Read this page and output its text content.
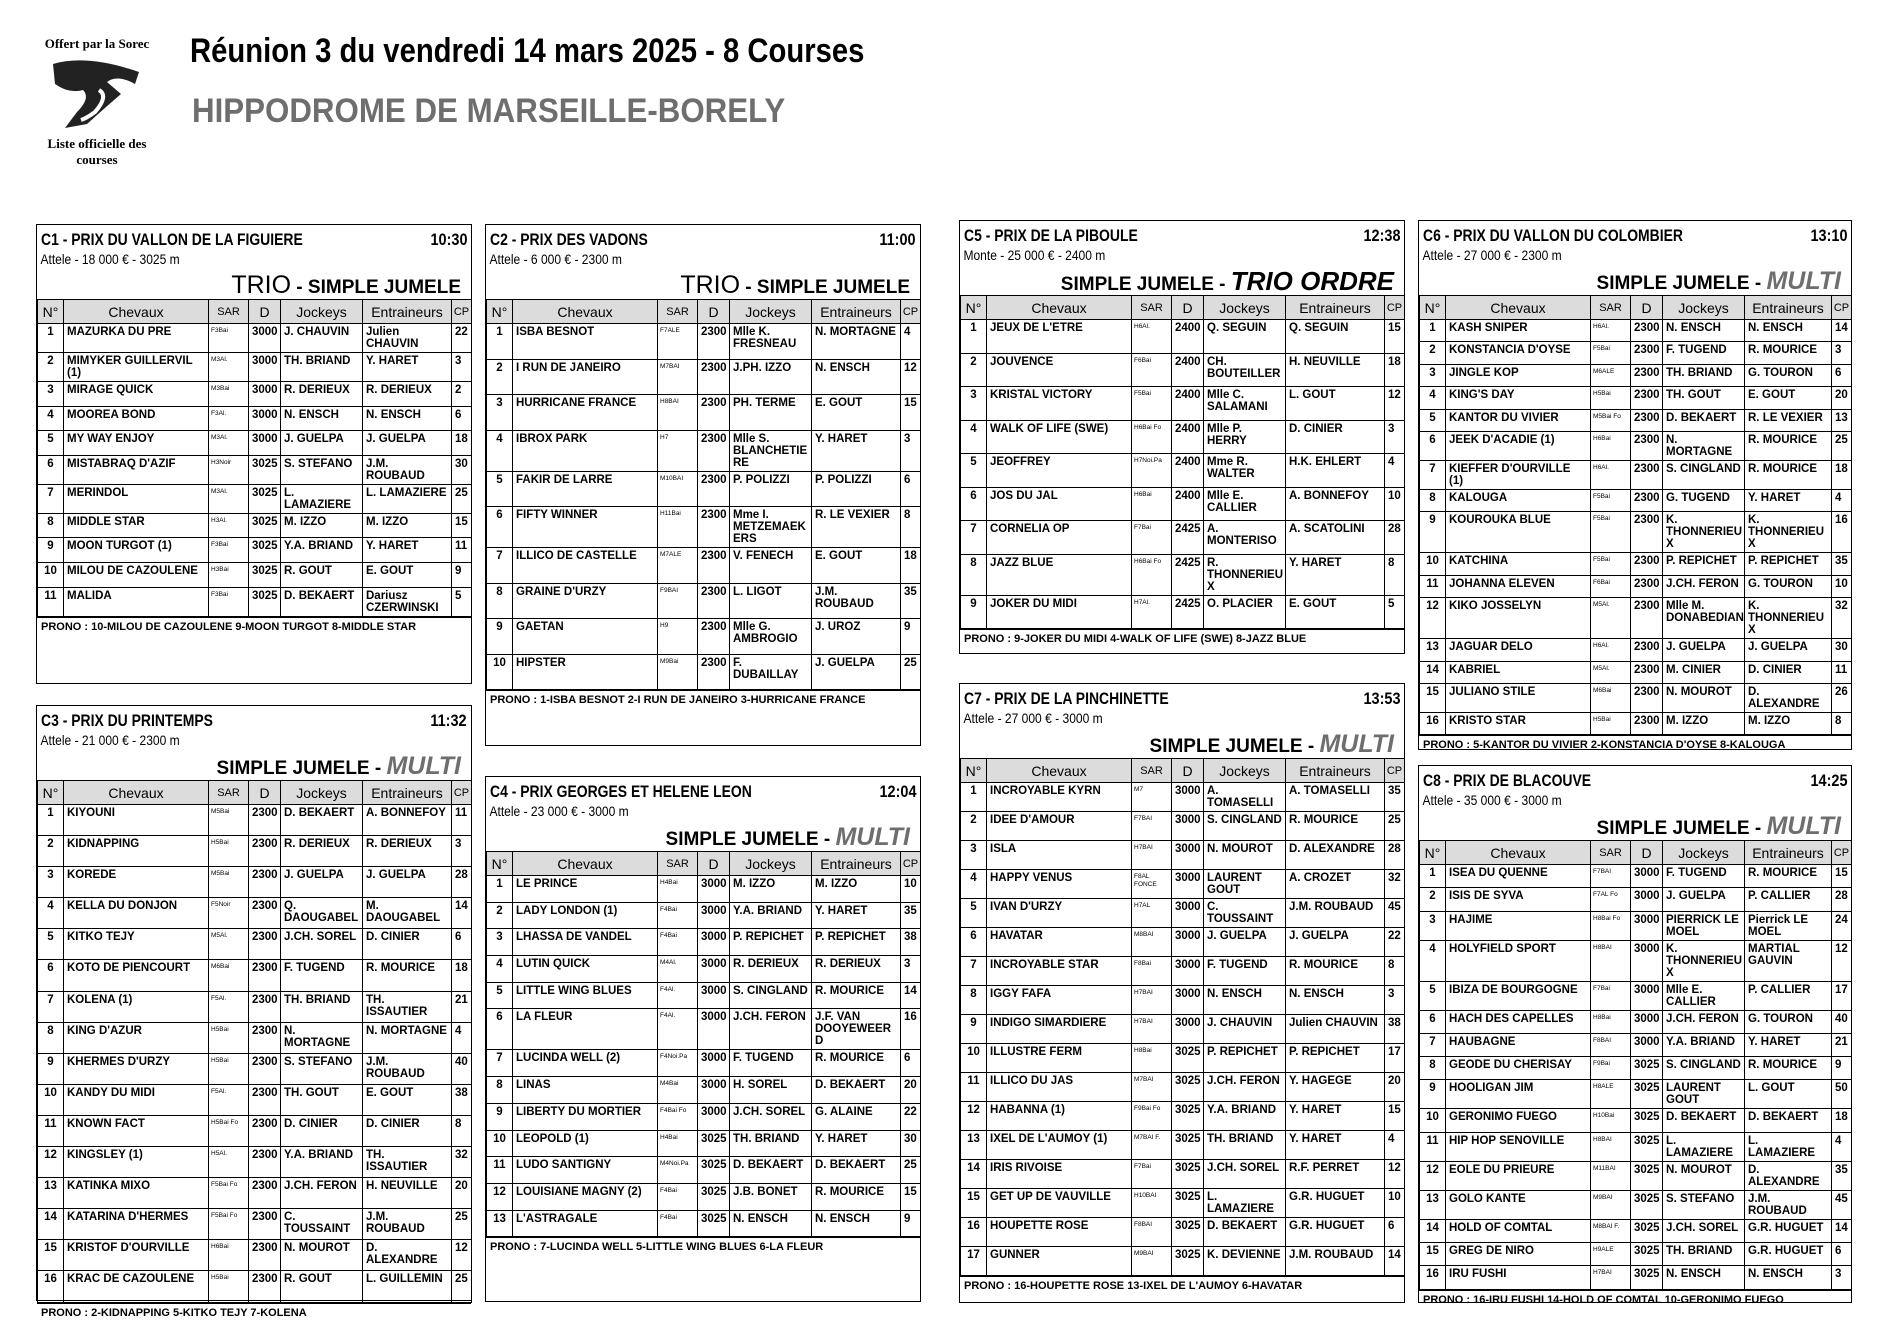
Offert par la Sorec
Liste officielle des courses
Réunion 3 du vendredi 14 mars 2025 - 8 Courses
HIPPODROME DE MARSEILLE-BORELY
C1 - PRIX DU VALLON DE LA FIGUIERE	10:30
Attele - 18 000 € - 3025 m
TRIO - SIMPLE JUMELE
N°	Chevaux	SAR	D	Jockeys	Entraineurs	CP
1	MAZURKA DU PRE	F3Bai	3000	J. CHAUVIN	Julien CHAUVIN	22
2	MIMYKER GUILLERVIL (1)	M3Al.	3000	TH. BRIAND	Y. HARET	3
3	MIRAGE QUICK	M3Bai	3000	R. DERIEUX	R. DERIEUX	2
4	MOOREA BOND	F3Al.	3000	N. ENSCH	N. ENSCH	6
5	MY WAY ENJOY	M3Al.	3000	J. GUELPA	J. GUELPA	18
6	MISTABRAQ D'AZIF	H3Noir	3025	S. STEFANO	J.M. ROUBAUD	30
7	MERINDOL	M3Al.	3025	L. LAMAZIERE	L. LAMAZIERE	25
8	MIDDLE STAR	H3Al.	3025	M. IZZO	M. IZZO	15
9	MOON TURGOT (1)	F3Bai	3025	Y.A. BRIAND	Y. HARET	11
10	MILOU DE CAZOULENE	H3Bai	3025	R. GOUT	E. GOUT	9
11	MALIDA	F3Bai	3025	D. BEKAERT	Dariusz CZERWINSKI	5
PRONO : 10-MILOU DE CAZOULENE 9-MOON TURGOT 8-MIDDLE STAR
C2 - PRIX DES VADONS	11:00
Attele - 6 000 € - 2300 m
TRIO - SIMPLE JUMELE
N°	Chevaux	SAR	D	Jockeys	Entraineurs	CP
1	ISBA BESNOT	F7ALE	2300	Mlle K. FRESNEAU	N. MORTAGNE	4
2	I RUN DE JANEIRO	M7BAI	2300	J.PH. IZZO	N. ENSCH	12
3	HURRICANE FRANCE	H8BAI	2300	PH. TERME	E. GOUT	15
4	IBROX PARK	H7	2300	Mlle S. BLANCHETIE RE	Y. HARET	3
5	FAKIR DE LARRE	M10BAI	2300	P. POLIZZI	P. POLIZZI	6
6	FIFTY WINNER	H11Bai	2300	Mme I. METZEMAEK ERS	R. LE VEXIER	8
7	ILLICO DE CASTELLE	M7ALE	2300	V. FENECH	E. GOUT	18
8	GRAINE D'URZY	F9BAI	2300	L. LIGOT	J.M. ROUBAUD	35
9	GAETAN	H9	2300	Mlle G. AMBROGIO	J. UROZ	9
10	HIPSTER	M9Bai	2300	F. DUBAILLAY	J. GUELPA	25
PRONO : 1-ISBA BESNOT 2-I RUN DE JANEIRO 3-HURRICANE FRANCE
C3 - PRIX DU PRINTEMPS	11:32
Attele - 21 000 € - 2300 m
SIMPLE JUMELE - MULTI
N°	Chevaux	SAR	D	Jockeys	Entraineurs	CP
1	KIYOUNI	M5Bai	2300	D. BEKAERT	A. BONNEFOY	11
2	KIDNAPPING	H5Bai	2300	R. DERIEUX	R. DERIEUX	3
3	KOREDE	M5Bai	2300	J. GUELPA	J. GUELPA	28
4	KELLA DU DONJON	F5Noir	2300	Q. DAOUGABEL	M. DAOUGABEL	14
5	KITKO TEJY	M5Al.	2300	J.CH. SOREL	D. CINIER	6
6	KOTO DE PIENCOURT	M6Bai	2300	F. TUGEND	R. MOURICE	18
7	KOLENA (1)	F5Al.	2300	TH. BRIAND	TH. ISSAUTIER	21
8	KING D'AZUR	H5Bai	2300	N. MORTAGNE	N. MORTAGNE	4
9	KHERMES D'URZY	H5Bai	2300	S. STEFANO	J.M. ROUBAUD	40
10	KANDY DU MIDI	F5Al.	2300	TH. GOUT	E. GOUT	38
11	KNOWN FACT	H5Bai Fo	2300	D. CINIER	D. CINIER	8
12	KINGSLEY (1)	H5Al.	2300	Y.A. BRIAND	TH. ISSAUTIER	32
13	KATINKA MIXO	F5Bai Fo	2300	J.CH. FERON	H. NEUVILLE	20
14	KATARINA D'HERMES	F5Bai Fo	2300	C. TOUSSAINT	J.M. ROUBAUD	25
15	KRISTOF D'OURVILLE	H6Bai	2300	N. MOUROT	D. ALEXANDRE	12
16	KRAC DE CAZOULENE	H5Bai	2300	R. GOUT	L. GUILLEMIN	25
PRONO : 2-KIDNAPPING 5-KITKO TEJY 7-KOLENA
C4 - PRIX GEORGES ET HELENE LEON	12:04
Attele - 23 000 € - 3000 m
SIMPLE JUMELE - MULTI
N°	Chevaux	SAR	D	Jockeys	Entraineurs	CP
1	LE PRINCE	H4Bai	3000	M. IZZO	M. IZZO	10
2	LADY LONDON (1)	F4Bai	3000	Y.A. BRIAND	Y. HARET	35
3	LHASSA DE VANDEL	F4Bai	3000	P. REPICHET	P. REPICHET	38
4	LUTIN QUICK	M4Al.	3000	R. DERIEUX	R. DERIEUX	3
5	LITTLE WING BLUES	F4Al.	3000	S. CINGLAND	R. MOURICE	14
6	LA FLEUR	F4Al.	3000	J.CH. FERON	J.F. VAN DOOYEWEER D	16
7	LUCINDA WELL (2)	F4Noi.Pa	3000	F. TUGEND	R. MOURICE	6
8	LINAS	M4Bai	3000	H. SOREL	D. BEKAERT	20
9	LIBERTY DU MORTIER	F4Bai Fo	3000	J.CH. SOREL	G. ALAINE	22
10	LEOPOLD (1)	H4Bai	3025	TH. BRIAND	Y. HARET	30
11	LUDO SANTIGNY	M4Noi.Pa	3025	D. BEKAERT	D. BEKAERT	25
12	LOUISIANE MAGNY (2)	F4Bai	3025	J.B. BONET	R. MOURICE	15
13	L'ASTRAGALE	F4Bai	3025	N. ENSCH	N. ENSCH	9
PRONO : 7-LUCINDA WELL 5-LITTLE WING BLUES 6-LA FLEUR
C5 - PRIX DE LA PIBOULE	12:38
Monte - 25 000 € - 2400 m
SIMPLE JUMELE - TRIO ORDRE
N°	Chevaux	SAR	D	Jockeys	Entraineurs	CP
1	JEUX DE L'ETRE	H6Al.	2400	Q. SEGUIN	Q. SEGUIN	15
2	JOUVENCE	F6Bai	2400	CH. BOUTEILLER	H. NEUVILLE	18
3	KRISTAL VICTORY	F5Bai	2400	Mlle C. SALAMANI	L. GOUT	12
4	WALK OF LIFE (SWE)	H6Bai Fo	2400	Mlle P. HERRY	D. CINIER	3
5	JEOFFREY	H7Noi.Pa	2400	Mme R. WALTER	H.K. EHLERT	4
6	JOS DU JAL	H6Bai	2400	Mlle E. CALLIER	A. BONNEFOY	10
7	CORNELIA OP	F7Bai	2425	A. MONTERISO	A. SCATOLINI	28
8	JAZZ BLUE	H6Bai Fo	2425	R. THONNERIEU X	Y. HARET	8
9	JOKER DU MIDI	H7Al.	2425	O. PLACIER	E. GOUT	5
PRONO : 9-JOKER DU MIDI 4-WALK OF LIFE (SWE) 8-JAZZ BLUE
C6 - PRIX DU VALLON DU COLOMBIER	13:10
Attele - 27 000 € - 2300 m
SIMPLE JUMELE - MULTI
N°	Chevaux	SAR	D	Jockeys	Entraineurs	CP
1	KASH SNIPER	H6Al.	2300	N. ENSCH	N. ENSCH	14
2	KONSTANCIA D'OYSE	F5Bai	2300	F. TUGEND	R. MOURICE	3
3	JINGLE KOP	M6ALE	2300	TH. BRIAND	G. TOURON	6
4	KING'S DAY	H5Bai	2300	TH. GOUT	E. GOUT	20
5	KANTOR DU VIVIER	M5Bai Fo	2300	D. BEKAERT	R. LE VEXIER	13
6	JEEK D'ACADIE (1)	H6Bai	2300	N. MORTAGNE	R. MOURICE	25
7	KIEFFER D'OURVILLE (1)	H6Al.	2300	S. CINGLAND	R. MOURICE	18
8	KALOUGA	F5Bai	2300	G. TUGEND	Y. HARET	4
9	KOUROUKA BLUE	F5Bai	2300	K. THONNERIEU X	K. THONNERIEU X	16
10	KATCHINA	F5Bai	2300	P. REPICHET	P. REPICHET	35
11	JOHANNA ELEVEN	F6Bai	2300	J.CH. FERON	G. TOURON	10
12	KIKO JOSSELYN	M5Al.	2300	Mlle M. DONABEDIAN	K. THONNERIEU X	32
13	JAGUAR DELO	H6Al.	2300	J. GUELPA	J. GUELPA	30
14	KABRIEL	M5Al.	2300	M. CINIER	D. CINIER	11
15	JULIANO STILE	M6Bai	2300	N. MOUROT	D. ALEXANDRE	26
16	KRISTO STAR	H5Bai	2300	M. IZZO	M. IZZO	8
PRONO : 5-KANTOR DU VIVIER 2-KONSTANCIA D'OYSE 8-KALOUGA
C7 - PRIX DE LA PINCHINETTE	13:53
Attele - 27 000 € - 3000 m
SIMPLE JUMELE - MULTI
N°	Chevaux	SAR	D	Jockeys	Entraineurs	CP
1	INCROYABLE KYRN	M7	3000	A. TOMASELLI	A. TOMASELLI	35
2	IDEE D'AMOUR	F7BAI	3000	S. CINGLAND	R. MOURICE	25
3	ISLA	H7BAI	3000	N. MOUROT	D. ALEXANDRE	28
4	HAPPY VENUS	F8AL FONCE	3000	LAURENT GOUT	A. CROZET	32
5	IVAN D'URZY	H7AL	3000	C. TOUSSAINT	J.M. ROUBAUD	45
6	HAVATAR	M8BAI	3000	J. GUELPA	J. GUELPA	22
7	INCROYABLE STAR	F8Bai	3000	F. TUGEND	R. MOURICE	8
8	IGGY FAFA	H7BAI	3000	N. ENSCH	N. ENSCH	3
9	INDIGO SIMARDIERE	H7BAI	3000	J. CHAUVIN	Julien CHAUVIN	38
10	ILLUSTRE FERM	H8Bai	3025	P. REPICHET	P. REPICHET	17
11	ILLICO DU JAS	M7BAI	3025	J.CH. FERON	Y. HAGEGE	20
12	HABANNA (1)	F9Bai Fo	3025	Y.A. BRIAND	Y. HARET	15
13	IXEL DE L'AUMOY (1)	M7BAI F.	3025	TH. BRIAND	Y. HARET	4
14	IRIS RIVOISE	F7Bai	3025	J.CH. SOREL	R.F. PERRET	12
15	GET UP DE VAUVILLE	H10BAI	3025	L. LAMAZIERE	G.R. HUGUET	10
16	HOUPETTE ROSE	F8BAI	3025	D. BEKAERT	G.R. HUGUET	6
17	GUNNER	M9BAI	3025	K. DEVIENNE	J.M. ROUBAUD	14
PRONO : 16-HOUPETTE ROSE 13-IXEL DE L'AUMOY 6-HAVATAR
C8 - PRIX DE BLACOUVE	14:25
Attele - 35 000 € - 3000 m
SIMPLE JUMELE - MULTI
N°	Chevaux	SAR	D	Jockeys	Entraineurs	CP
1	ISEA DU QUENNE	F7BAI	3000	F. TUGEND	R. MOURICE	15
2	ISIS DE SYVA	F7AL Fo	3000	J. GUELPA	P. CALLIER	28
3	HAJIME	H8Bai Fo	3000	PIERRICK LE MOEL	Pierrick LE MOEL	24
4	HOLYFIELD SPORT	H8BAI	3000	K. THONNERIEU X	MARTIAL GAUVIN	12
5	IBIZA DE BOURGOGNE	F7Bai	3000	Mlle E. CALLIER	P. CALLIER	17
6	HACH DES CAPELLES	H8Bai	3000	J.CH. FERON	G. TOURON	40
7	HAUBAGNE	F8BAI	3000	Y.A. BRIAND	Y. HARET	21
8	GEODE DU CHERISAY	F9Bai	3025	S. CINGLAND	R. MOURICE	9
9	HOOLIGAN JIM	H8ALE	3025	LAURENT GOUT	L. GOUT	50
10	GERONIMO FUEGO	H10Bai	3025	D. BEKAERT	D. BEKAERT	18
11	HIP HOP SENOVILLE	H8BAI	3025	L. LAMAZIERE	L. LAMAZIERE	4
12	EOLE DU PRIEURE	M11BAI	3025	N. MOUROT	D. ALEXANDRE	35
13	GOLO KANTE	M9BAI	3025	S. STEFANO	J.M. ROUBAUD	45
14	HOLD OF COMTAL	M8BAI F.	3025	J.CH. SOREL	G.R. HUGUET	14
15	GREG DE NIRO	H9ALE	3025	TH. BRIAND	G.R. HUGUET	6
16	IRU FUSHI	H7BAI	3025	N. ENSCH	N. ENSCH	3
PRONO : 16-IRU FUSHI 14-HOLD OF COMTAL 10-GERONIMO FUEGO
